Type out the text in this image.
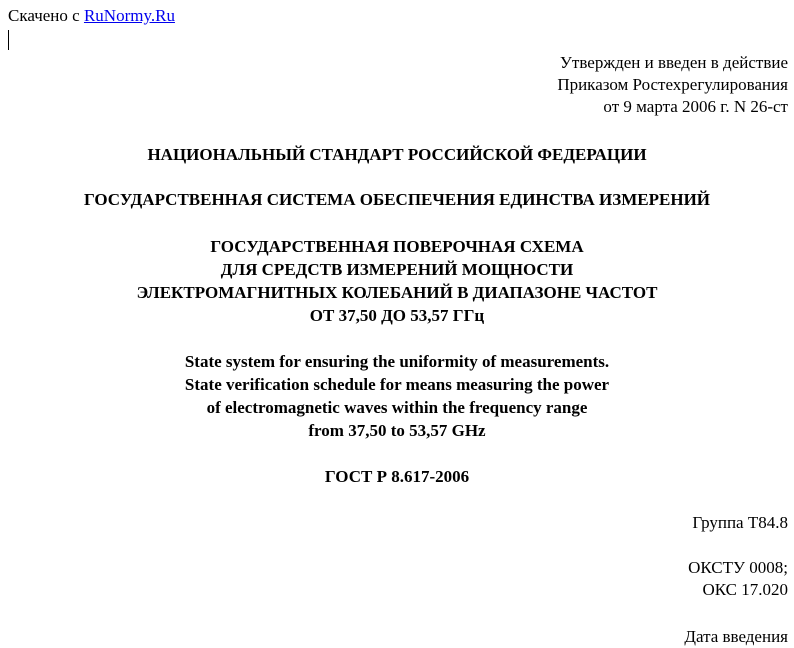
Скачено с RuNormy.Ru
Утвержден и введен в действие
Приказом Ростехрегулирования
от 9 марта 2006 г. N 26-ст
НАЦИОНАЛЬНЫЙ СТАНДАРТ РОССИЙСКОЙ ФЕДЕРАЦИИ
ГОСУДАРСТВЕННАЯ СИСТЕМА ОБЕСПЕЧЕНИЯ ЕДИНСТВА ИЗМЕРЕНИЙ
ГОСУДАРСТВЕННАЯ ПОВЕРОЧНАЯ СХЕМА
ДЛЯ СРЕДСТВ ИЗМЕРЕНИЙ МОЩНОСТИ
ЭЛЕКТРОМАГНИТНЫХ КОЛЕБАНИЙ В ДИАПАЗОНЕ ЧАСТОТ
ОТ 37,50 ДО 53,57 ГГц
State system for ensuring the uniformity of measurements.
State verification schedule for means measuring the power
of electromagnetic waves within the frequency range
from 37,50 to 53,57 GHz
ГОСТ Р 8.617-2006
Группа Т84.8
ОКСТУ 0008;
ОКС 17.020
Дата введения
